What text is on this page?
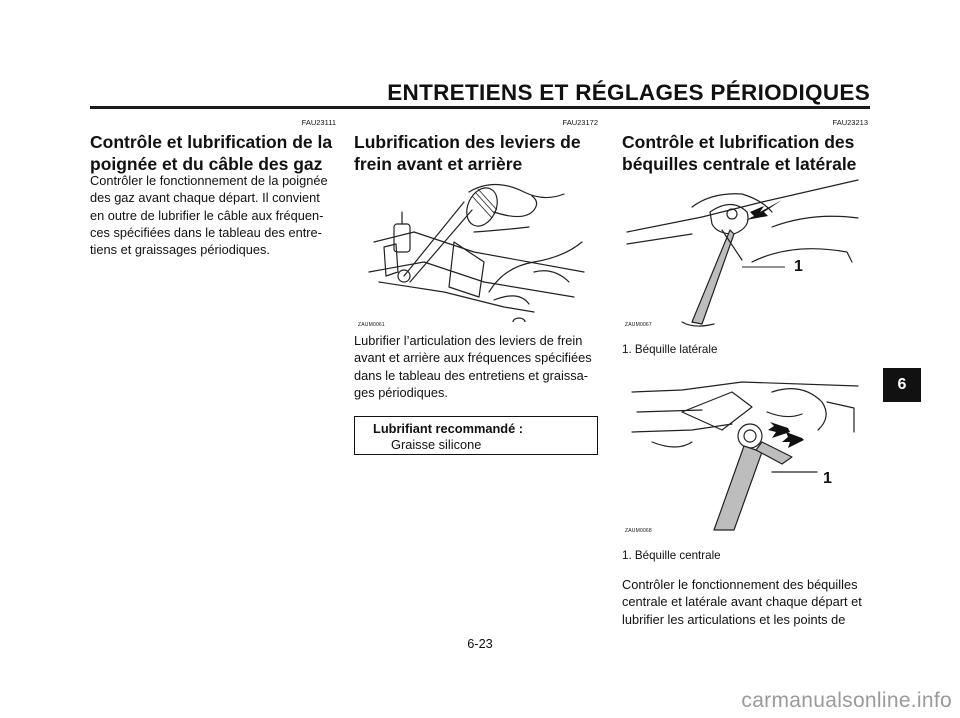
ENTRETIENS ET RÉGLAGES PÉRIODIQUES
FAU23111
Contrôle et lubrification de la
poignée et du câble des gaz
Contrôler le fonctionnement de la poignée
des gaz avant chaque départ. Il convient
en outre de lubrifier le câble aux fréquen-
ces spécifiées dans le tableau des entre-
tiens et graissages périodiques.
FAU23172
Lubrification des leviers de
frein avant et arrière
ZAUM0061
Lubrifier l’articulation des leviers de frein
avant et arrière aux fréquences spécifiées
dans le tableau des entretiens et graissa-
ges périodiques.
Lubrifiant recommandé :
Graisse silicone
FAU23213
Contrôle et lubrification des
béquilles centrale et latérale
1
ZAUM0067
1. Béquille latérale
1
ZAUM0068
1. Béquille centrale
Contrôler le fonctionnement des béquilles
centrale et latérale avant chaque départ et
lubrifier les articulations et les points de
6
6-23
carmanualsonline.info
